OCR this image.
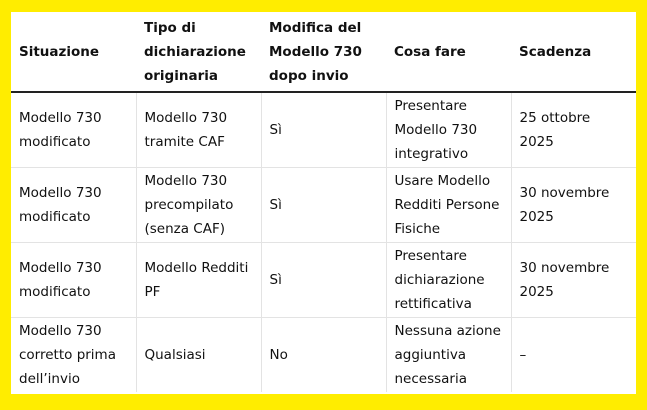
Situazione	Tipo di dichiarazione originaria	Modifica del Modello 730 dopo invio	Cosa fare	Scadenza
Modello 730 modificato	Modello 730 tramite CAF	Sì	Presentare Modello 730 integrativo	25 ottobre 2025
Modello 730 modificato	Modello 730 precompilato (senza CAF)	Sì	Usare Modello Redditi Persone Fisiche	30 novembre 2025
Modello 730 modificato	Modello Redditi PF	Sì	Presentare dichiarazione rettificativa	30 novembre 2025
Modello 730 corretto prima dell’invio	Qualsiasi	No	Nessuna azione aggiuntiva necessaria	–
